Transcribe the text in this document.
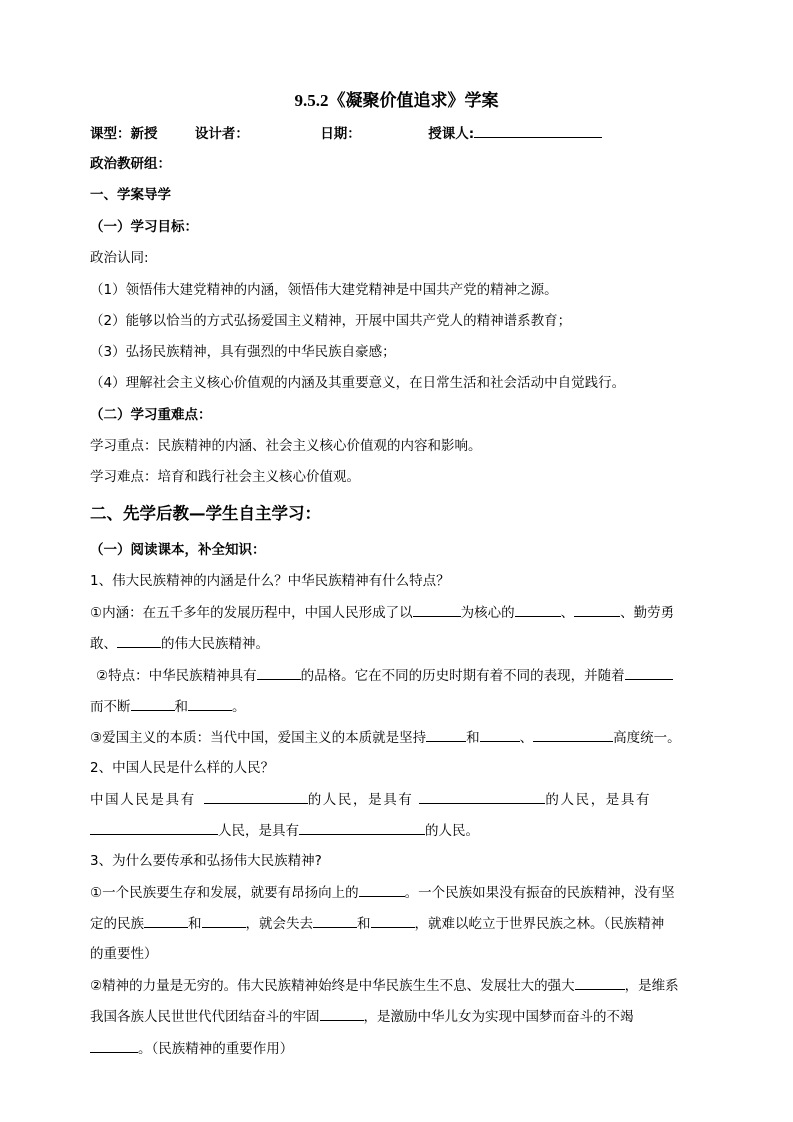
9.5.2《凝聚价值追求》学案
课型：新授	设计者：	日期：	授课人:
政治教研组：
一、学案导学
（一）学习目标：
政治认同:
（1）领悟伟大建党精神的内涵，领悟伟大建党精神是中国共产党的精神之源。
（2）能够以恰当的方式弘扬爱国主义精神，开展中国共产党人的精神谱系教育；
（3）弘扬民族精神，具有强烈的中华民族自豪感；
（4）理解社会主义核心价值观的内涵及其重要意义，在日常生活和社会活动中自觉践行。
（二）学习重难点：
学习重点：民族精神的内涵、社会主义核心价值观的内容和影响。
学习难点：培育和践行社会主义核心价值观。
二、先学后教—学生自主学习：
（一）阅读课本，补全知识：
1、伟大民族精神的内涵是什么？中华民族精神有什么特点？
①内涵：在五千多年的发展历程中，中国人民形成了以	为核心的	、	、勤劳勇
敢、	的伟大民族精神。
②特点：中华民族精神具有	的品格。它在不同的历史时期有着不同的表现，并随着
而不断	和	。
③爱国主义的本质：当代中国，爱国主义的本质就是坚持	和	、	高度统一。
2、中国人民是什么样的人民？
中国人民是具有	的人民，是具有	的人民，是具有
人民，是具有	的人民。
3、为什么要传承和弘扬伟大民族精神?
①一个民族要生存和发展，就要有昂扬向上的	。一个民族如果没有振奋的民族精神，没有坚
定的民族	和	，就会失去	和	，就难以屹立于世界民族之林。（民族精神
的重要性）
②精神的力量是无穷的。伟大民族精神始终是中华民族生生不息、发展壮大的强大	，是维系
我国各族人民世世代代团结奋斗的牢固	，是激励中华儿女为实现中国梦而奋斗的不竭
。（民族精神的重要作用）
